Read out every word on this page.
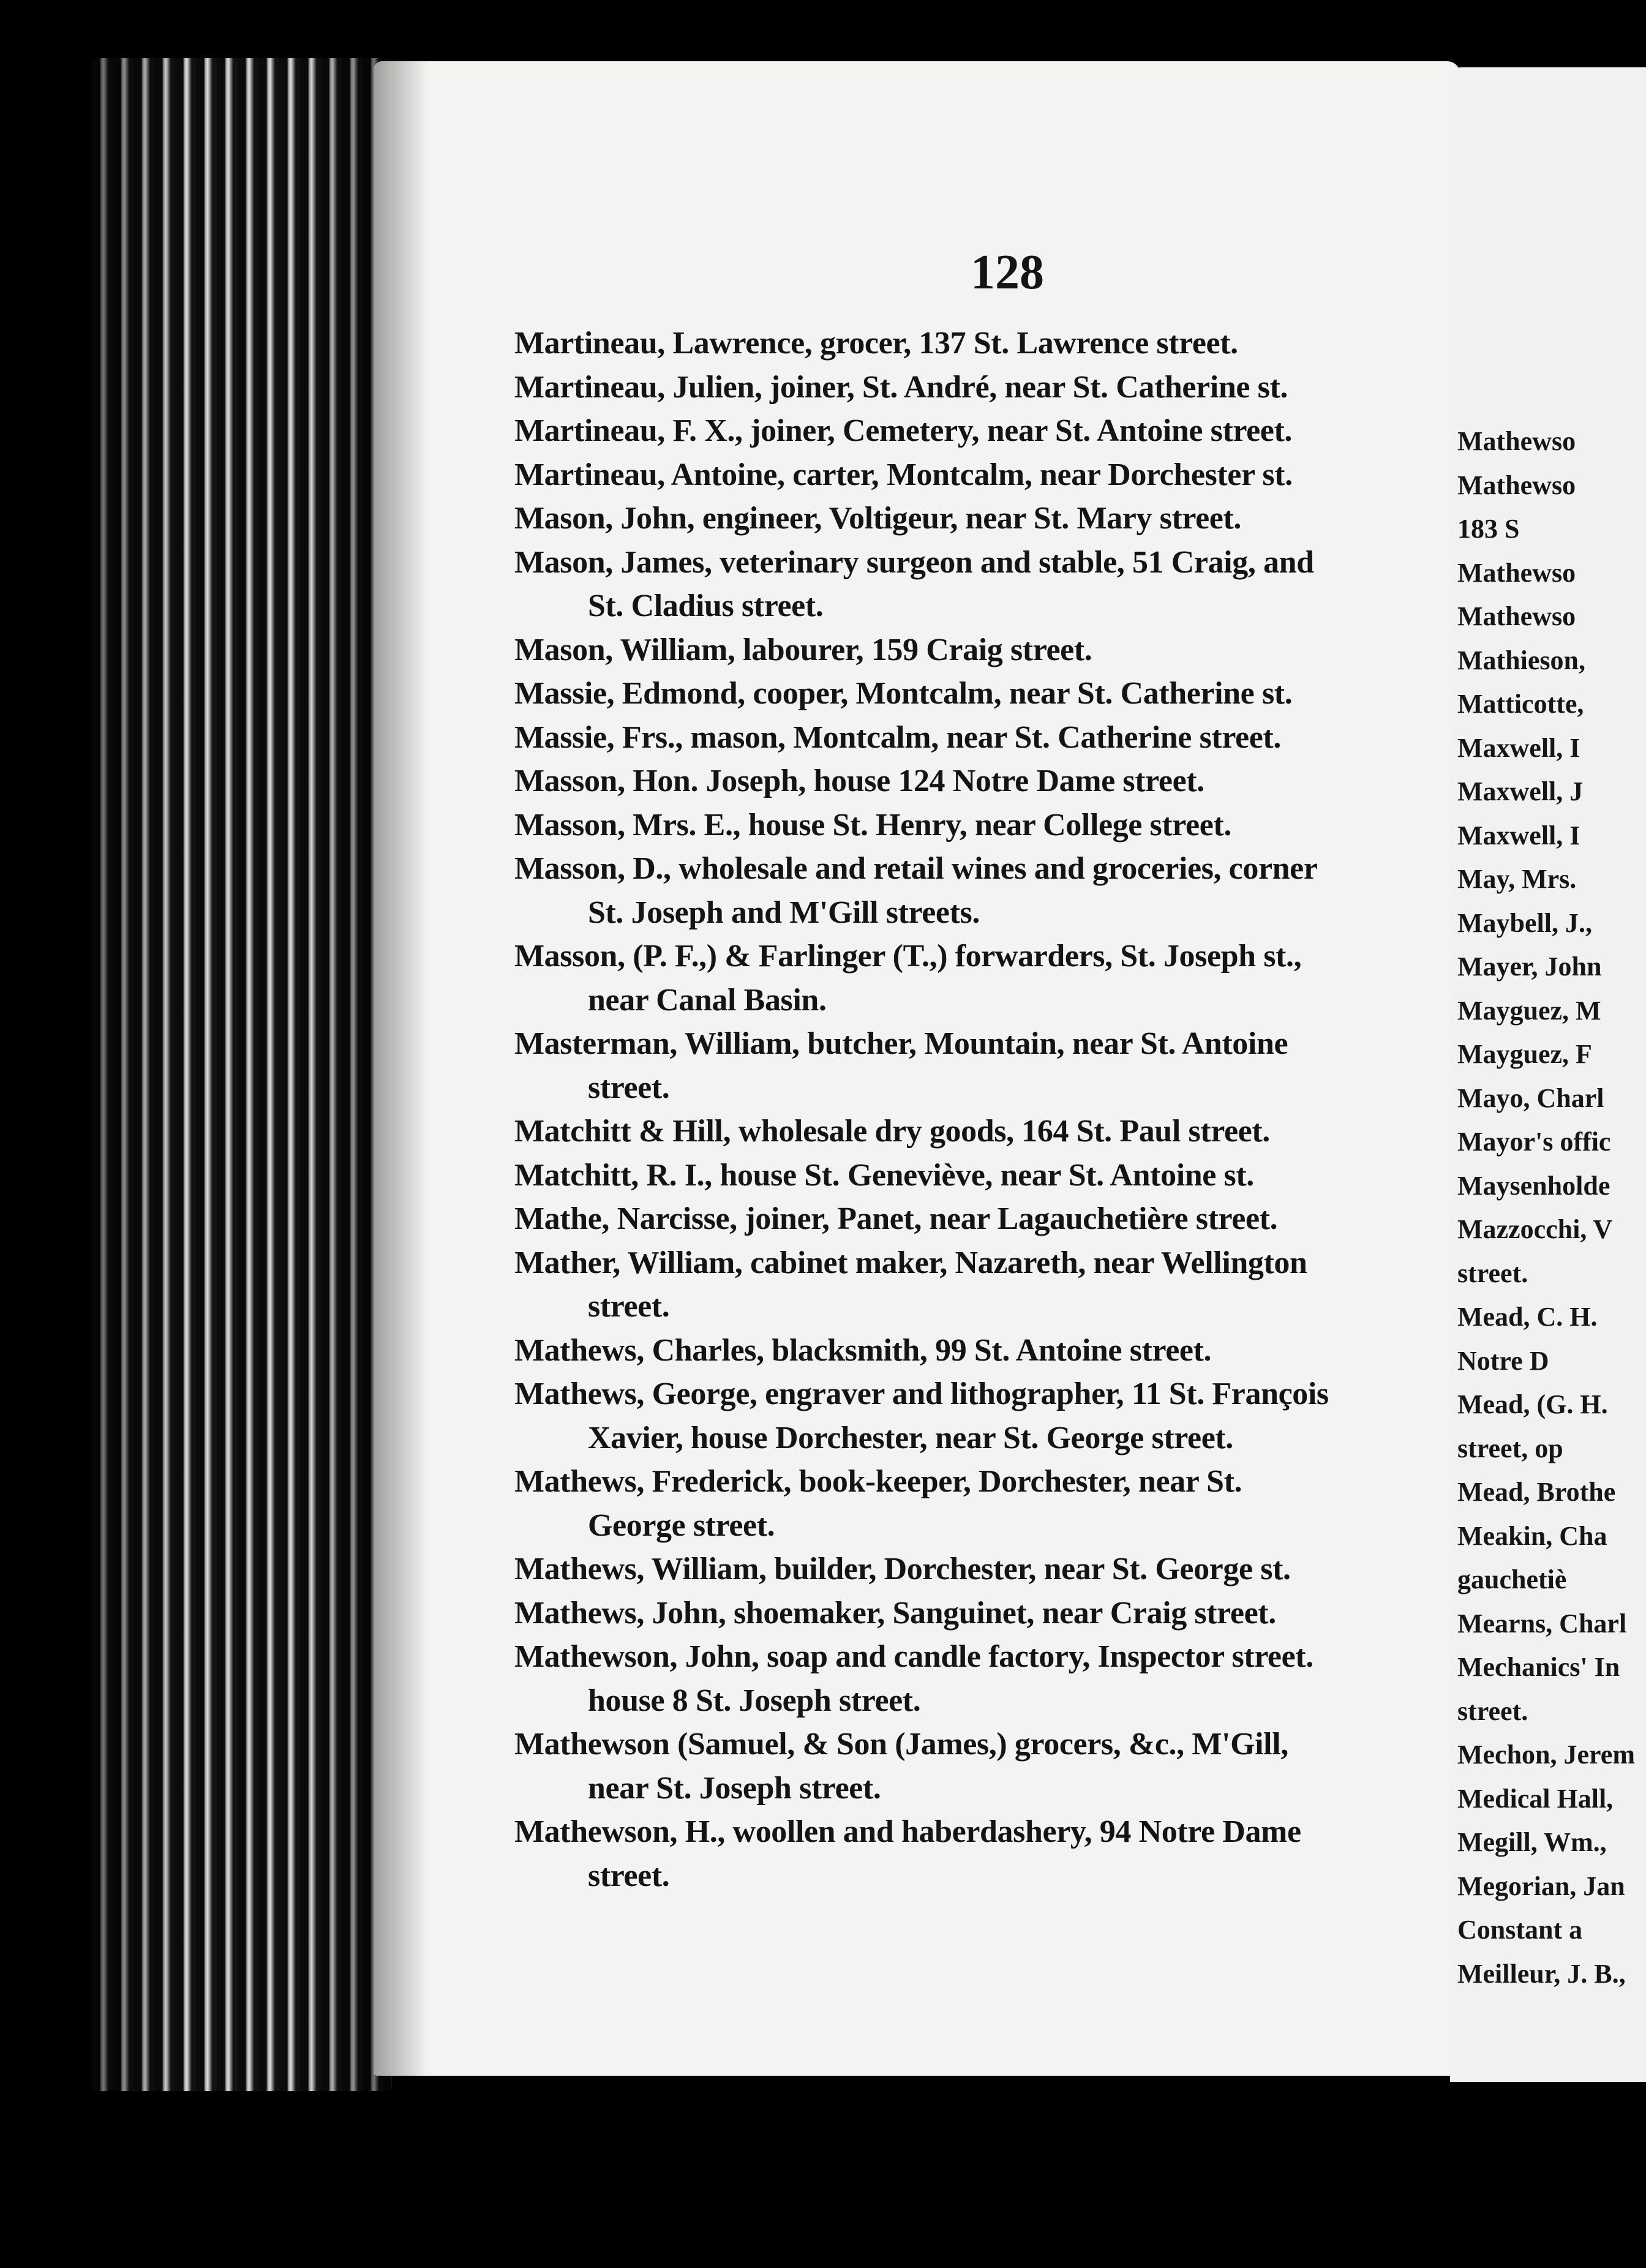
128
Martineau, Lawrence, grocer, 137 St. Lawrence street.
Martineau, Julien, joiner, St. André, near St. Catherine st.
Martineau, F. X., joiner, Cemetery, near St. Antoine street.
Martineau, Antoine, carter, Montcalm, near Dorchester st.
Mason, John, engineer, Voltigeur, near St. Mary street.
Mason, James, veterinary surgeon and stable, 51 Craig, and
St. Cladius street.
Mason, William, labourer, 159 Craig street.
Massie, Edmond, cooper, Montcalm, near St. Catherine st.
Massie, Frs., mason, Montcalm, near St. Catherine street.
Masson, Hon. Joseph, house 124 Notre Dame street.
Masson, Mrs. E., house St. Henry, near College street.
Masson, D., wholesale and retail wines and groceries, corner
St. Joseph and M'Gill streets.
Masson, (P. F.,) & Farlinger (T.,) forwarders, St. Joseph st.,
near Canal Basin.
Masterman, William, butcher, Mountain, near St. Antoine
street.
Matchitt & Hill, wholesale dry goods, 164 St. Paul street.
Matchitt, R. I., house St. Geneviève, near St. Antoine st.
Mathe, Narcisse, joiner, Panet, near Lagauchetière street.
Mather, William, cabinet maker, Nazareth, near Wellington
street.
Mathews, Charles, blacksmith, 99 St. Antoine street.
Mathews, George, engraver and lithographer, 11 St. François
Xavier, house Dorchester, near St. George street.
Mathews, Frederick, book-keeper, Dorchester, near St.
George street.
Mathews, William, builder, Dorchester, near St. George st.
Mathews, John, shoemaker, Sanguinet, near Craig street.
Mathewson, John, soap and candle factory, Inspector street.
house 8 St. Joseph street.
Mathewson (Samuel, & Son (James,) grocers, &c., M'Gill,
near St. Joseph street.
Mathewson, H., woollen and haberdashery, 94 Notre Dame
street.
Mathewso
Mathewso
183 S
Mathewso
Mathewso
Mathieson,
Matticotte,
Maxwell, I
Maxwell, J
Maxwell, I
May, Mrs.
Maybell, J.,
Mayer, John
Mayguez, M
Mayguez, F
Mayo, Charl
Mayor's offic
Maysenholde
Mazzocchi, V
street.
Mead, C. H.
Notre D
Mead, (G. H.
street, op
Mead, Brothe
Meakin, Cha
gauchetiè
Mearns, Charl
Mechanics' In
street.
Mechon, Jerem
Medical Hall,
Megill, Wm.,
Megorian, Jan
Constant a
Meilleur, J. B.,
